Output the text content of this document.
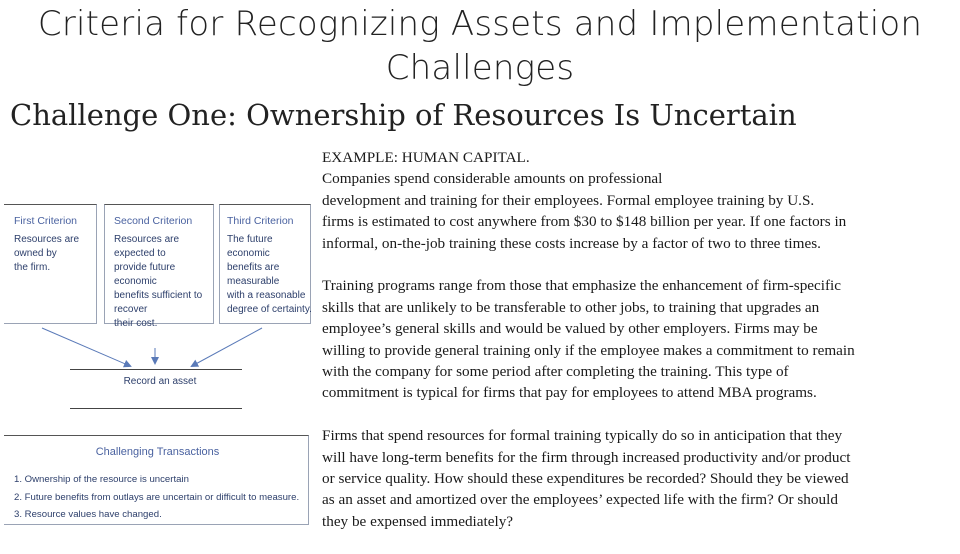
Criteria for Recognizing Assets and Implementation
Challenges
Challenge One: Ownership of Resources Is Uncertain
First Criterion
Resources are owned by
the firm.
Second Criterion
Resources are expected to
provide future economic
benefits sufficient to recover
their cost.
Third Criterion
The future economic
benefits are measurable
with a reasonable
degree of certainty.
Record an asset
Challenging Transactions
1. Ownership of the resource is uncertain
2. Future benefits from outlays are uncertain or difficult to measure.
3. Resource values have changed.

EXAMPLE: HUMAN CAPITAL.
Companies spend considerable amounts on professional
development and training for their employees. Formal employee training by U.S.
firms is estimated to cost anywhere from $30 to $148 billion per year. If one factors in
informal, on-the-job training these costs increase by a factor of two to three times.

Training programs range from those that emphasize the enhancement of firm-specific
skills that are unlikely to be transferable to other jobs, to training that upgrades an
employee’s general skills and would be valued by other employers. Firms may be
willing to provide general training only if the employee makes a commitment to remain
with the company for some period after completing the training. This type of
commitment is typical for firms that pay for employees to attend MBA programs.

Firms that spend resources for formal training typically do so in anticipation that they
will have long-term benefits for the firm through increased productivity and/or product
or service quality. How should these expenditures be recorded? Should they be viewed
as an asset and amortized over the employees’ expected life with the firm? Or should
they be expensed immediately?
